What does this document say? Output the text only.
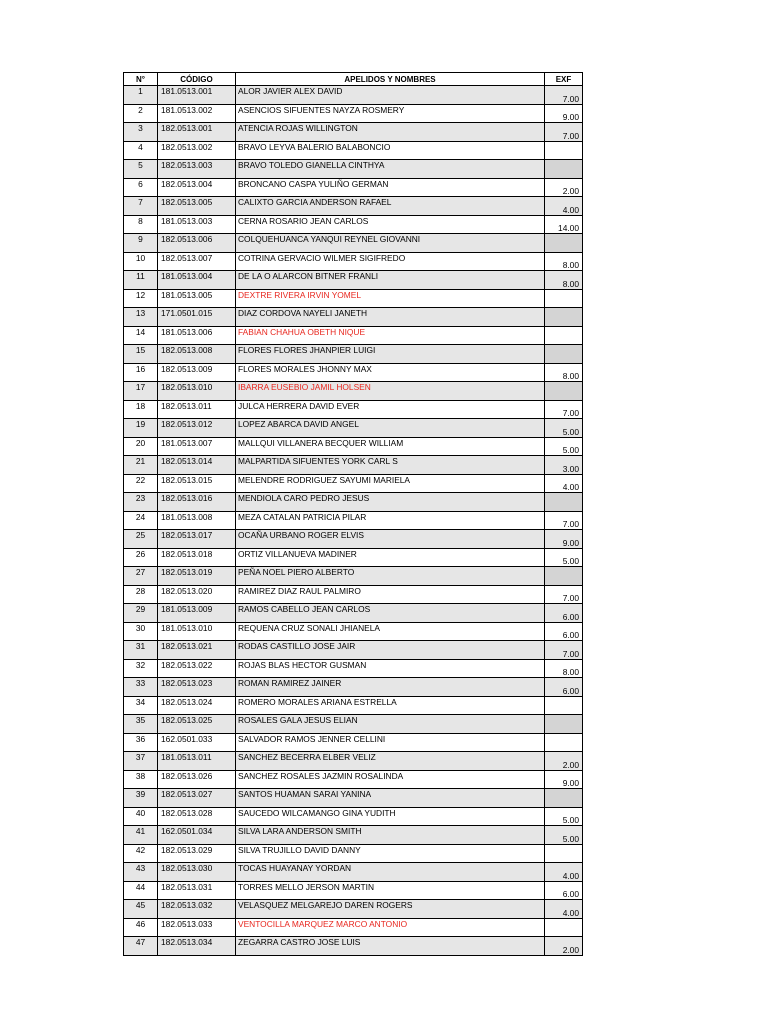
N°	CÓDIGO	APELIDOS Y NOMBRES	EXF
1	181.0513.001	ALOR JAVIER ALEX DAVID	7.00
2	181.0513.002	ASENCIOS SIFUENTES NAYZA ROSMERY	9.00
3	182.0513.001	ATENCIA ROJAS WILLINGTON	7.00
4	182.0513.002	BRAVO LEYVA BALERIO BALABONCIO	
5	182.0513.003	BRAVO TOLEDO GIANELLA CINTHYA	
6	182.0513.004	BRONCANO CASPA YULIÑO GERMAN	2.00
7	182.0513.005	CALIXTO GARCIA ANDERSON RAFAEL	4.00
8	181.0513.003	CERNA ROSARIO JEAN CARLOS	14.00
9	182.0513.006	COLQUEHUANCA YANQUI REYNEL GIOVANNI	
10	182.0513.007	COTRINA GERVACIO WILMER SIGIFREDO	8.00
11	181.0513.004	DE LA O ALARCON BITNER FRANLI	8.00
12	181.0513.005	DEXTRE RIVERA IRVIN YOMEL	
13	171.0501.015	DIAZ CORDOVA NAYELI JANETH	
14	181.0513.006	FABIAN CHAHUA OBETH NIQUE	
15	182.0513.008	FLORES FLORES JHANPIER LUIGI	
16	182.0513.009	FLORES MORALES JHONNY MAX	8.00
17	182.0513.010	IBARRA EUSEBIO JAMIL HOLSEN	
18	182.0513.011	JULCA HERRERA DAVID EVER	7.00
19	182.0513.012	LOPEZ ABARCA DAVID ANGEL	5.00
20	181.0513.007	MALLQUI VILLANERA BECQUER WILLIAM	5.00
21	182.0513.014	MALPARTIDA SIFUENTES YORK CARL S	3.00
22	182.0513.015	MELENDRE RODRIGUEZ SAYUMI MARIELA	4.00
23	182.0513.016	MENDIOLA CARO PEDRO JESUS	
24	181.0513.008	MEZA CATALAN PATRICIA PILAR	7.00
25	182.0513.017	OCAÑA URBANO ROGER ELVIS	9.00
26	182.0513.018	ORTIZ VILLANUEVA MADINER	5.00
27	182.0513.019	PEÑA NOEL PIERO ALBERTO	
28	182.0513.020	RAMIREZ DIAZ RAUL PALMIRO	7.00
29	181.0513.009	RAMOS CABELLO JEAN CARLOS	6.00
30	181.0513.010	REQUENA CRUZ SONALI JHIANELA	6.00
31	182.0513.021	RODAS CASTILLO JOSE JAIR	7.00
32	182.0513.022	ROJAS BLAS HECTOR GUSMAN	8.00
33	182.0513.023	ROMAN RAMIREZ JAINER	6.00
34	182.0513.024	ROMERO MORALES ARIANA ESTRELLA	
35	182.0513.025	ROSALES GALA JESUS ELIAN	
36	162.0501.033	SALVADOR RAMOS JENNER CELLINI	
37	181.0513.011	SANCHEZ BECERRA ELBER VELIZ	2.00
38	182.0513.026	SANCHEZ ROSALES JAZMIN ROSALINDA	9.00
39	182.0513.027	SANTOS HUAMAN SARAI YANINA	
40	182.0513.028	SAUCEDO WILCAMANGO GINA YUDITH	5.00
41	162.0501.034	SILVA LARA ANDERSON SMITH	5.00
42	182.0513.029	SILVA TRUJILLO DAVID DANNY	
43	182.0513.030	TOCAS HUAYANAY YORDAN	4.00
44	182.0513.031	TORRES MELLO JERSON MARTIN	6.00
45	182.0513.032	VELASQUEZ MELGAREJO DAREN ROGERS	4.00
46	182.0513.033	VENTOCILLA MARQUEZ MARCO ANTONIO	
47	182.0513.034	ZEGARRA CASTRO JOSE LUIS	2.00
